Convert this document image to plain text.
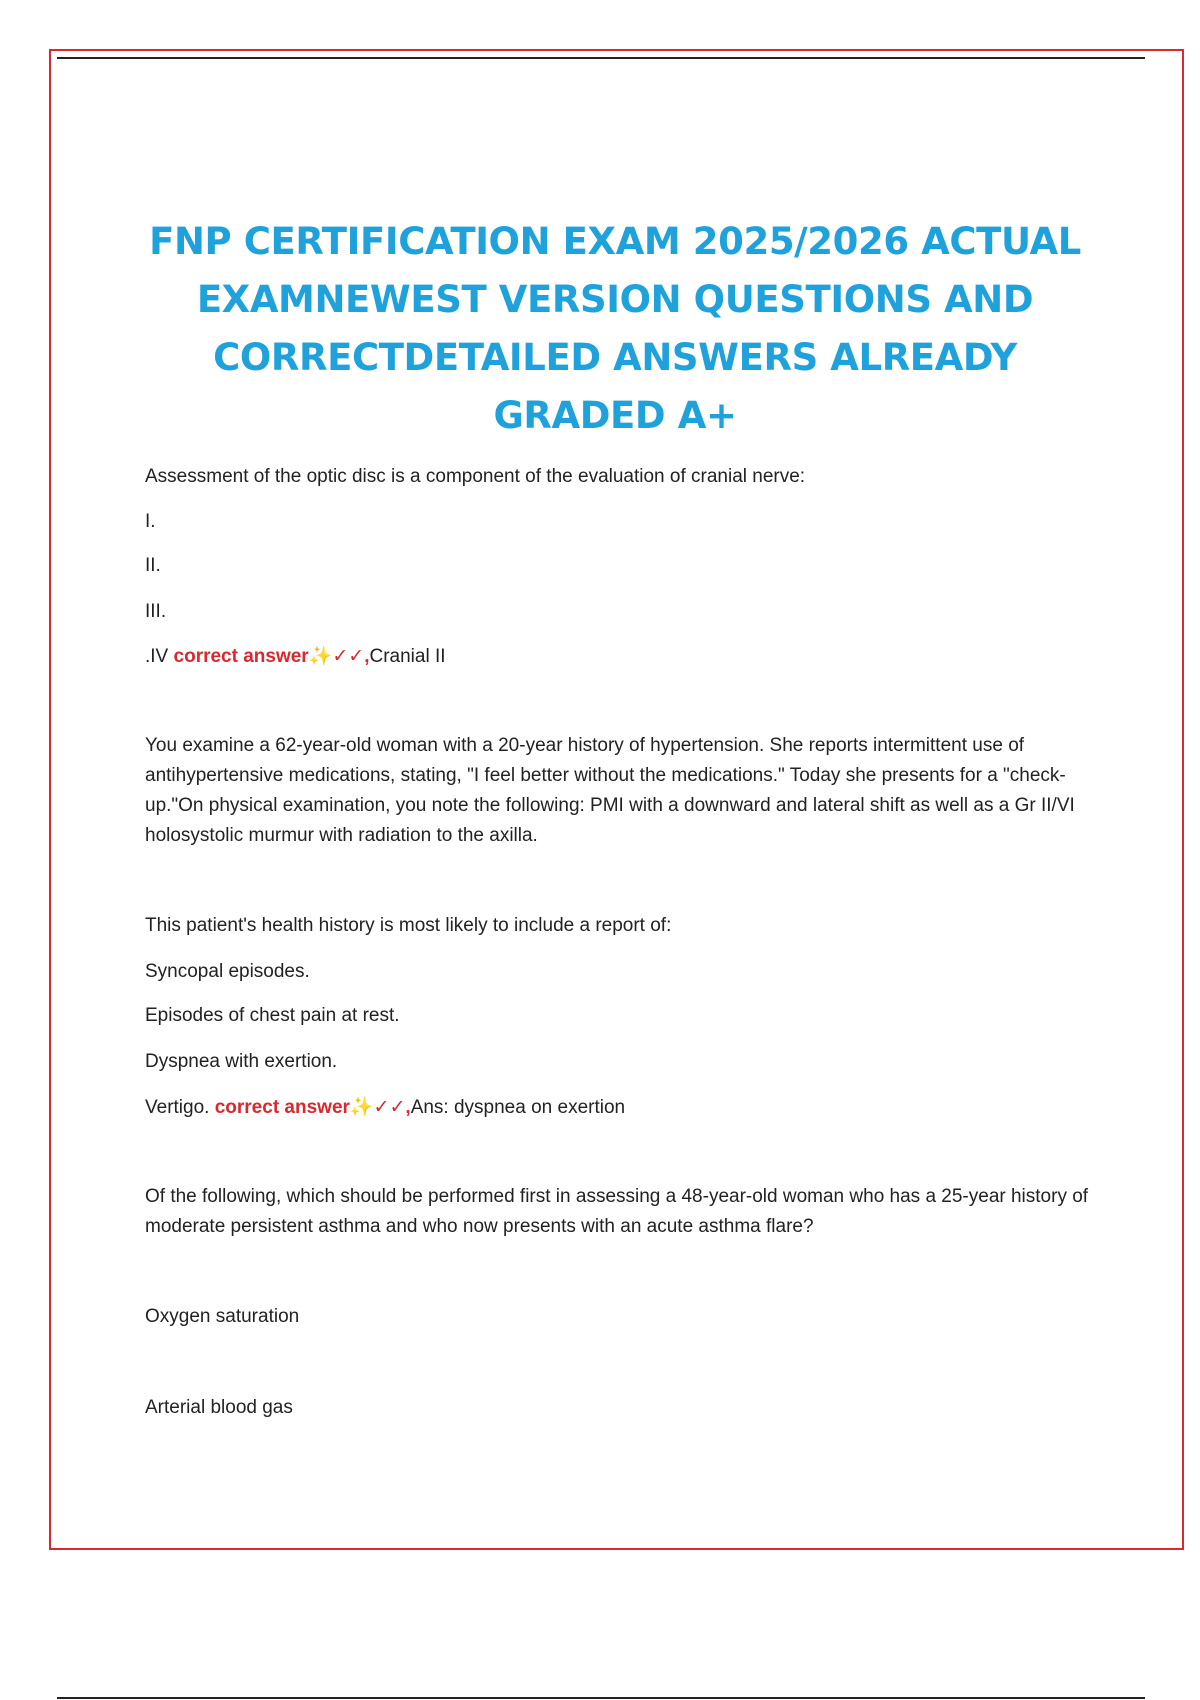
FNP CERTIFICATION EXAM 2025/2026 ACTUAL EXAMNEWEST VERSION QUESTIONS AND CORRECTDETAILED ANSWERS ALREADY GRADED A+

Assessment of the optic disc is a component of the evaluation of cranial nerve:

I.

II.

III.

.IV correct answer✨✓✓,Cranial II

You examine a 62-year-old woman with a 20-year history of hypertension. She reports intermittent use of antihypertensive medications, stating, "I feel better without the medications." Today she presents for a "check-up."On physical examination, you note the following: PMI with a downward and lateral shift as well as a Gr II/VI holosystolic murmur with radiation to the axilla.

This patient's health history is most likely to include a report of:

Syncopal episodes.

Episodes of chest pain at rest.

Dyspnea with exertion.

Vertigo. correct answer✨✓✓,Ans: dyspnea on exertion

Of the following, which should be performed first in assessing a 48-year-old woman who has a 25-year history of moderate persistent asthma and who now presents with an acute asthma flare?

Oxygen saturation

Arterial blood gas
